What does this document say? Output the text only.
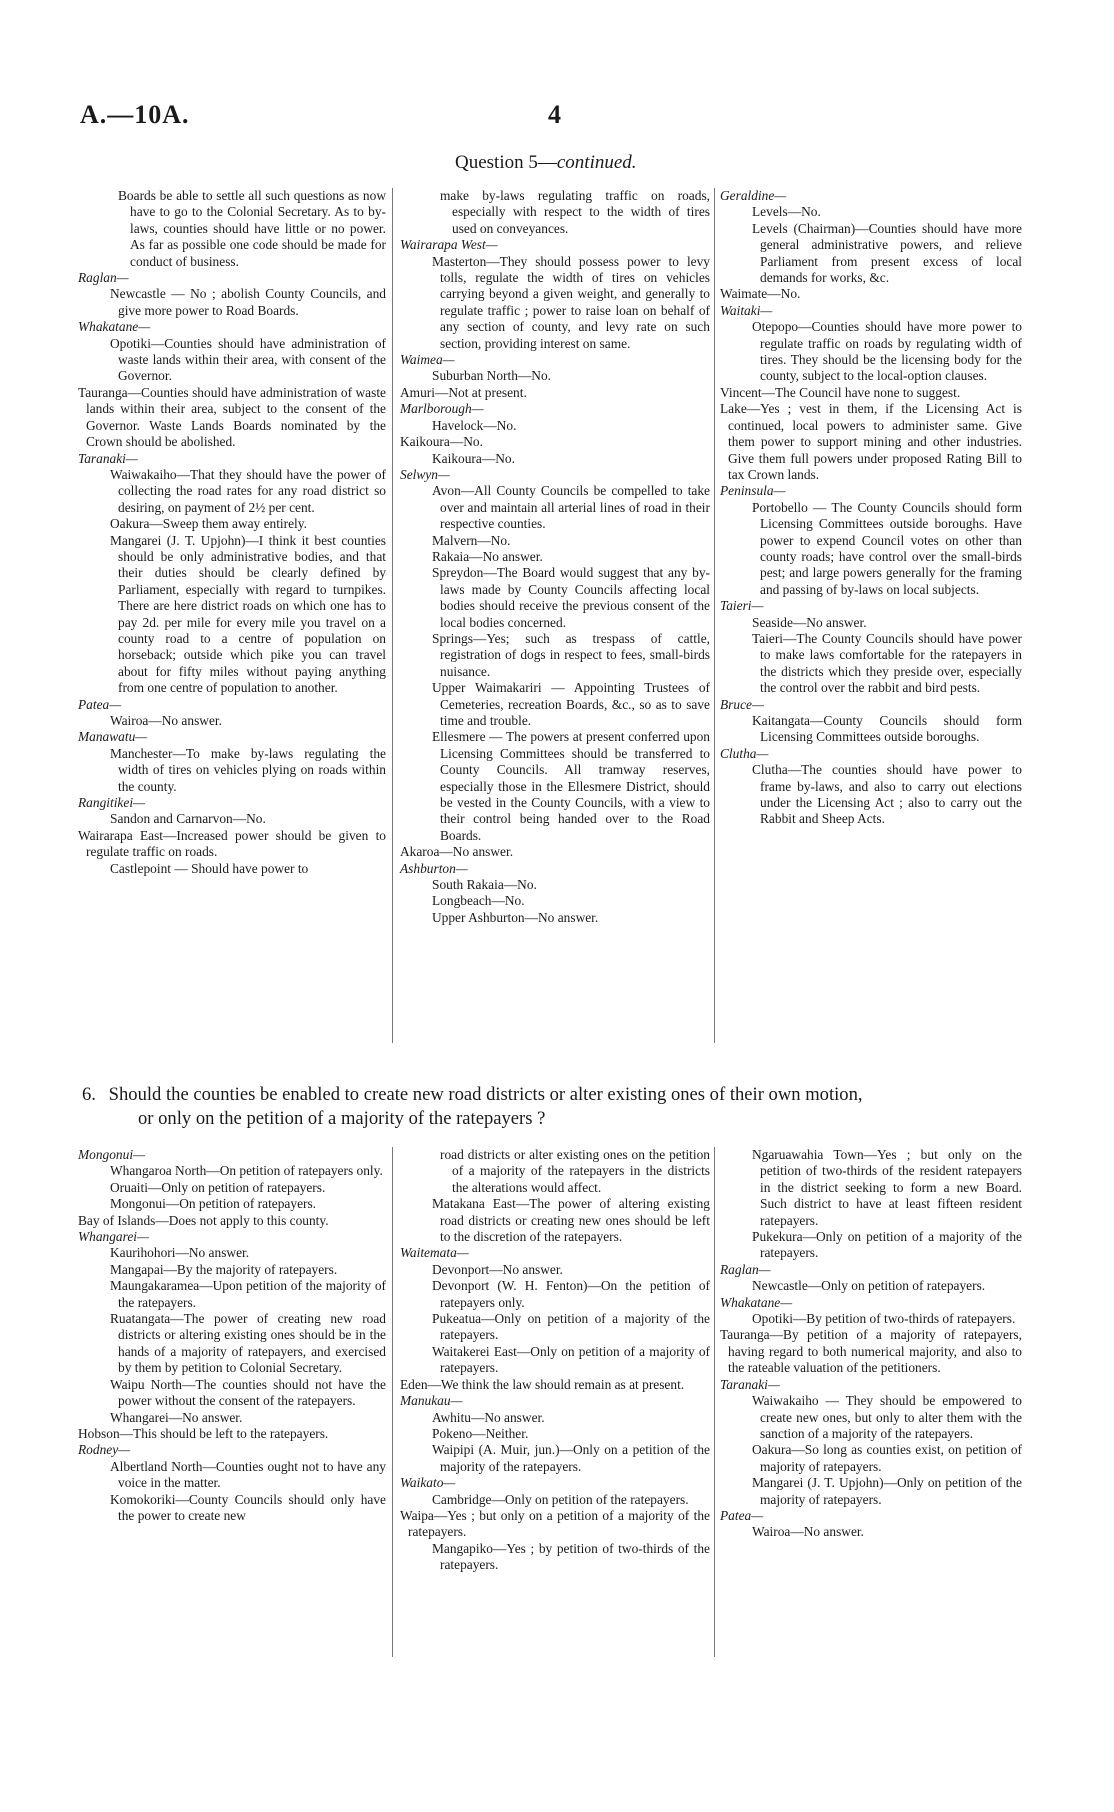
A.—10A.	4
Question 5—continued.

Boards be able to settle all such questions as now have to go to the Colonial Secretary. As to by-laws, counties should have little or no power. As far as possible one code should be made for conduct of business.

Raglan—

Newcastle — No ; abolish County Councils, and give more power to Road Boards.

Whakatane—

Opotiki—Counties should have administration of waste lands within their area, with consent of the Governor.

Tauranga—Counties should have administration of waste lands within their area, subject to the consent of the Governor. Waste Lands Boards nominated by the Crown should be abolished.

Taranaki—

Waiwakaiho—That they should have the power of collecting the road rates for any road district so desiring, on payment of 2½ per cent.

Oakura—Sweep them away entirely.

Mangarei (J. T. Upjohn)—I think it best counties should be only administrative bodies, and that their duties should be clearly defined by Parliament, especially with regard to turnpikes. There are here district roads on which one has to pay 2d. per mile for every mile you travel on a county road to a centre of population on horseback; outside which pike you can travel about for fifty miles without paying anything from one centre of population to another.

Patea—

Wairoa—No answer.

Manawatu—

Manchester—To make by-laws regulating the width of tires on vehicles plying on roads within the county.

Rangitikei—

Sandon and Carnarvon—No.

Wairarapa East—Increased power should be given to regulate traffic on roads.

Castlepoint — Should have power to

make by-laws regulating traffic on roads, especially with respect to the width of tires used on conveyances.

Wairarapa West—

Masterton—They should possess power to levy tolls, regulate the width of tires on vehicles carrying beyond a given weight, and generally to regulate traffic ; power to raise loan on behalf of any section of county, and levy rate on such section, providing interest on same.

Waimea—

Suburban North—No.

Amuri—Not at present.

Marlborough—

Havelock—No.

Kaikoura—No.

Kaikoura—No.

Selwyn—

Avon—All County Councils be compelled to take over and maintain all arterial lines of road in their respective counties.

Malvern—No.

Rakaia—No answer.

Spreydon—The Board would suggest that any by-laws made by County Councils affecting local bodies should receive the previous consent of the local bodies concerned.

Springs—Yes; such as trespass of cattle, registration of dogs in respect to fees, small-birds nuisance.

Upper Waimakariri — Appointing Trustees of Cemeteries, recreation Boards, &c., so as to save time and trouble.

Ellesmere — The powers at present conferred upon Licensing Committees should be transferred to County Councils. All tramway reserves, especially those in the Ellesmere District, should be vested in the County Councils, with a view to their control being handed over to the Road Boards.

Akaroa—No answer.

Ashburton—

South Rakaia—No.

Longbeach—No.

Upper Ashburton—No answer.

Geraldine—

Levels—No.

Levels (Chairman)—Counties should have more general administrative powers, and relieve Parliament from present excess of local demands for works, &c.

Waimate—No.

Waitaki—

Otepopo—Counties should have more power to regulate traffic on roads by regulating width of tires. They should be the licensing body for the county, subject to the local-option clauses.

Vincent—The Council have none to suggest.

Lake—Yes ; vest in them, if the Licensing Act is continued, local powers to administer same. Give them power to support mining and other industries. Give them full powers under proposed Rating Bill to tax Crown lands.

Peninsula—

Portobello — The County Councils should form Licensing Committees outside boroughs. Have power to expend Council votes on other than county roads; have control over the small-birds pest; and large powers generally for the framing and passing of by-laws on local subjects.

Taieri—

Seaside—No answer.

Taieri—The County Councils should have power to make laws comfortable for the ratepayers in the districts which they preside over, especially the control over the rabbit and bird pests.

Bruce—

Kaitangata—County Councils should form Licensing Committees outside boroughs.

Clutha—

Clutha—The counties should have power to frame by-laws, and also to carry out elections under the Licensing Act ; also to carry out the Rabbit and Sheep Acts.

6. Should the counties be enabled to create new road districts or alter existing ones of their own motion,
or only on the petition of a majority of the ratepayers ?

Mongonui—

Whangaroa North—On petition of ratepayers only.

Oruaiti—Only on petition of ratepayers.

Mongonui—On petition of ratepayers.

Bay of Islands—Does not apply to this county.

Whangarei—

Kaurihohori—No answer.

Mangapai—By the majority of ratepayers.

Maungakaramea—Upon petition of the majority of the ratepayers.

Ruatangata—The power of creating new road districts or altering existing ones should be in the hands of a majority of ratepayers, and exercised by them by petition to Colonial Secretary.

Waipu North—The counties should not have the power without the consent of the ratepayers.

Whangarei—No answer.

Hobson—This should be left to the ratepayers.

Rodney—

Albertland North—Counties ought not to have any voice in the matter.

Komokoriki—County Councils should only have the power to create new

road districts or alter existing ones on the petition of a majority of the ratepayers in the districts the alterations would affect.

Matakana East—The power of altering existing road districts or creating new ones should be left to the discretion of the ratepayers.

Waitemata—

Devonport—No answer.

Devonport (W. H. Fenton)—On the petition of ratepayers only.

Pukeatua—Only on petition of a majority of the ratepayers.

Waitakerei East—Only on petition of a majority of ratepayers.

Eden—We think the law should remain as at present.

Manukau—

Awhitu—No answer.

Pokeno—Neither.

Waipipi (A. Muir, jun.)—Only on a petition of the majority of the ratepayers.

Waikato—

Cambridge—Only on petition of the ratepayers.

Waipa—Yes ; but only on a petition of a majority of the ratepayers.

Mangapiko—Yes ; by petition of two-thirds of the ratepayers.

Ngaruawahia Town—Yes ; but only on the petition of two-thirds of the resident ratepayers in the district seeking to form a new Board. Such district to have at least fifteen resident ratepayers.

Pukekura—Only on petition of a majority of the ratepayers.

Raglan—

Newcastle—Only on petition of ratepayers.

Whakatane—

Opotiki—By petition of two-thirds of ratepayers.

Tauranga—By petition of a majority of ratepayers, having regard to both numerical majority, and also to the rateable valuation of the petitioners.

Taranaki—

Waiwakaiho — They should be empowered to create new ones, but only to alter them with the sanction of a majority of the ratepayers.

Oakura—So long as counties exist, on petition of majority of ratepayers.

Mangarei (J. T. Upjohn)—Only on petition of the majority of ratepayers.

Patea—

Wairoa—No answer.
